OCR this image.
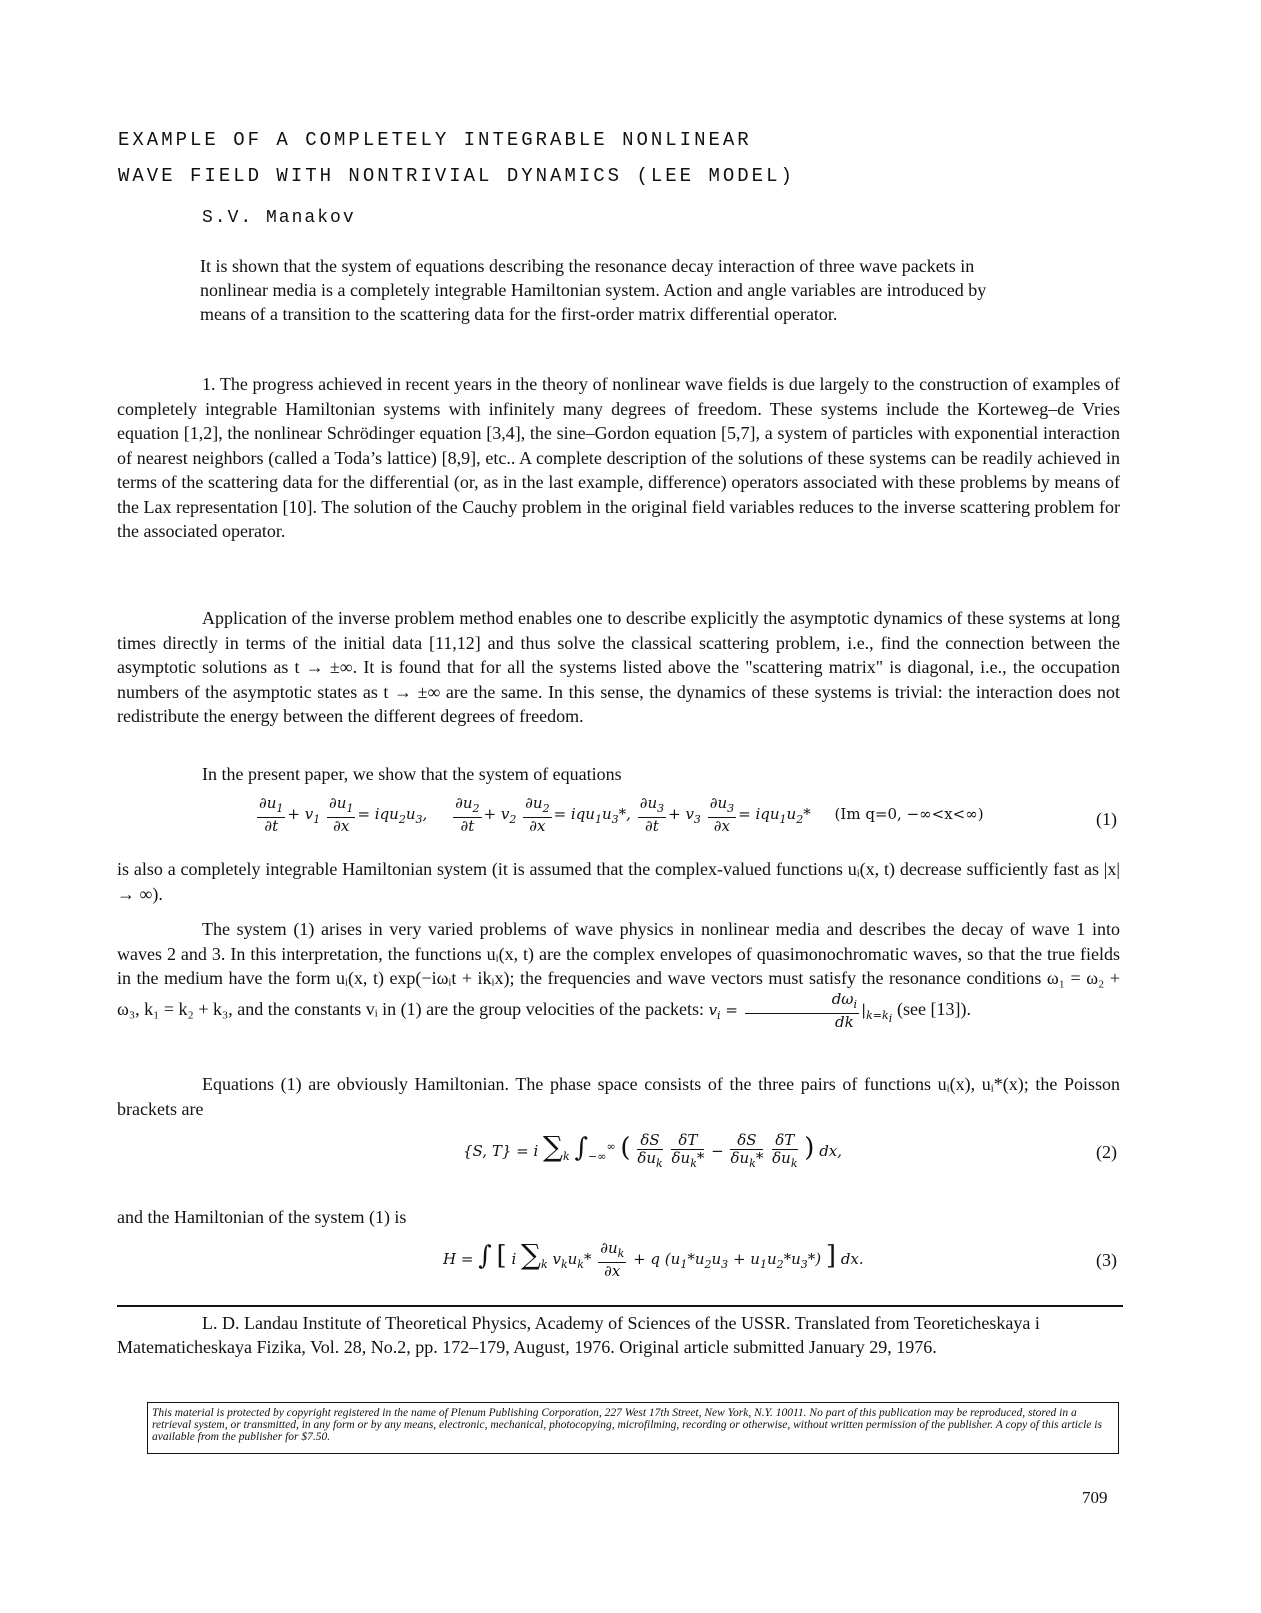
EXAMPLE OF A COMPLETELY INTEGRABLE NONLINEAR
WAVE FIELD WITH NONTRIVIAL DYNAMICS (LEE MODEL)
S.V. Manakov

It is shown that the system of equations describing the resonance decay interaction of three wave packets in nonlinear media is a completely integrable Hamiltonian system. Action and angle variables are introduced by means of a transition to the scattering data for the first-order matrix differential operator.

1. The progress achieved in recent years in the theory of nonlinear wave fields is due largely to the construction of examples of completely integrable Hamiltonian systems with infinitely many degrees of freedom. These systems include the Korteweg–de Vries equation [1,2], the nonlinear Schrödinger equation [3,4], the sine–Gordon equation [5,7], a system of particles with exponential interaction of nearest neighbors (called a Toda’s lattice) [8,9], etc.. A complete description of the solutions of these systems can be readily achieved in terms of the scattering data for the differential (or, as in the last example, difference) operators associated with these problems by means of the Lax representation [10]. The solution of the Cauchy problem in the original field variables reduces to the inverse scattering problem for the associated operator.

Application of the inverse problem method enables one to describe explicitly the asymptotic dynamics of these systems at long times directly in terms of the initial data [11,12] and thus solve the classical scattering problem, i.e., find the connection between the asymptotic solutions as t → ±∞. It is found that for all the systems listed above the "scattering matrix" is diagonal, i.e., the occupation numbers of the asymptotic states as t → ±∞ are the same. In this sense, the dynamics of these systems is trivial: the interaction does not redistribute the energy between the different degrees of freedom.

In the present paper, we show that the system of equations

$\frac{\partial u_1}{\partial t} + v_1 \frac{\partial u_1}{\partial x} = iqu_2u_3$, $\frac{\partial u_2}{\partial t} + v_2 \frac{\partial u_2}{\partial x} = iqu_1u_3*$, $\frac{\partial u_3}{\partial t} + v_3 \frac{\partial u_3}{\partial x} = iqu_1u_2*$     (Im q=0, −∞<x<∞)	(1)

is also a completely integrable Hamiltonian system (it is assumed that the complex-valued functions uᵢ(x, t) decrease sufficiently fast as |x| → ∞).

The system (1) arises in very varied problems of wave physics in nonlinear media and describes the decay of wave 1 into waves 2 and 3. In this interpretation, the functions uᵢ(x, t) are the complex envelopes of quasimonochromatic waves, so that the true fields in the medium have the form uᵢ(x, t) exp(−iωᵢt + ikᵢx); the frequencies and wave vectors must satisfy the resonance conditions ω₁ = ω₂ + ω₃, k₁ = k₂ + k₃, and the constants vᵢ in (1) are the group velocities of the packets: $v_i = \frac{d\omega_i}{dk} |_{k=k_i}$ (see [13]).

Equations (1) are obviously Hamiltonian. The phase space consists of the three pairs of functions uᵢ(x), uᵢ*(x); the Poisson brackets are

{S, T} = i $\sum_k$ $\int_{-\infty}^\infty$ ( $\frac{\delta S}{\delta u_k}$
$\frac{\delta T}{\delta u_k*} - \frac{\delta S}{\delta u_k*}$
$\frac{\delta T}{\delta u_k}$ ) dx,	(2)

and the Hamiltonian of the system (1) is

H = ∫ [ i $\sum_k$ $v_ku_k* \frac{\partial u_k}{\partial x} + q$ $(u_1*u_2u_3 + u_1u_2*u_3*)$ ] dx.	(3)

L. D. Landau Institute of Theoretical Physics, Academy of Sciences of the USSR. Translated from Teoreticheskaya i Matematicheskaya Fizika, Vol. 28, No.2, pp. 172–179, August, 1976. Original article submitted January 29, 1976.

This material is protected by copyright registered in the name of Plenum Publishing Corporation, 227 West 17th Street, New York, N.Y. 10011. No part of this publication may be reproduced, stored in a retrieval system, or transmitted, in any form or by any means, electronic, mechanical, photocopying, microfilming, recording or otherwise, without written permission of the publisher. A copy of this article is available from the publisher for $7.50.
709
